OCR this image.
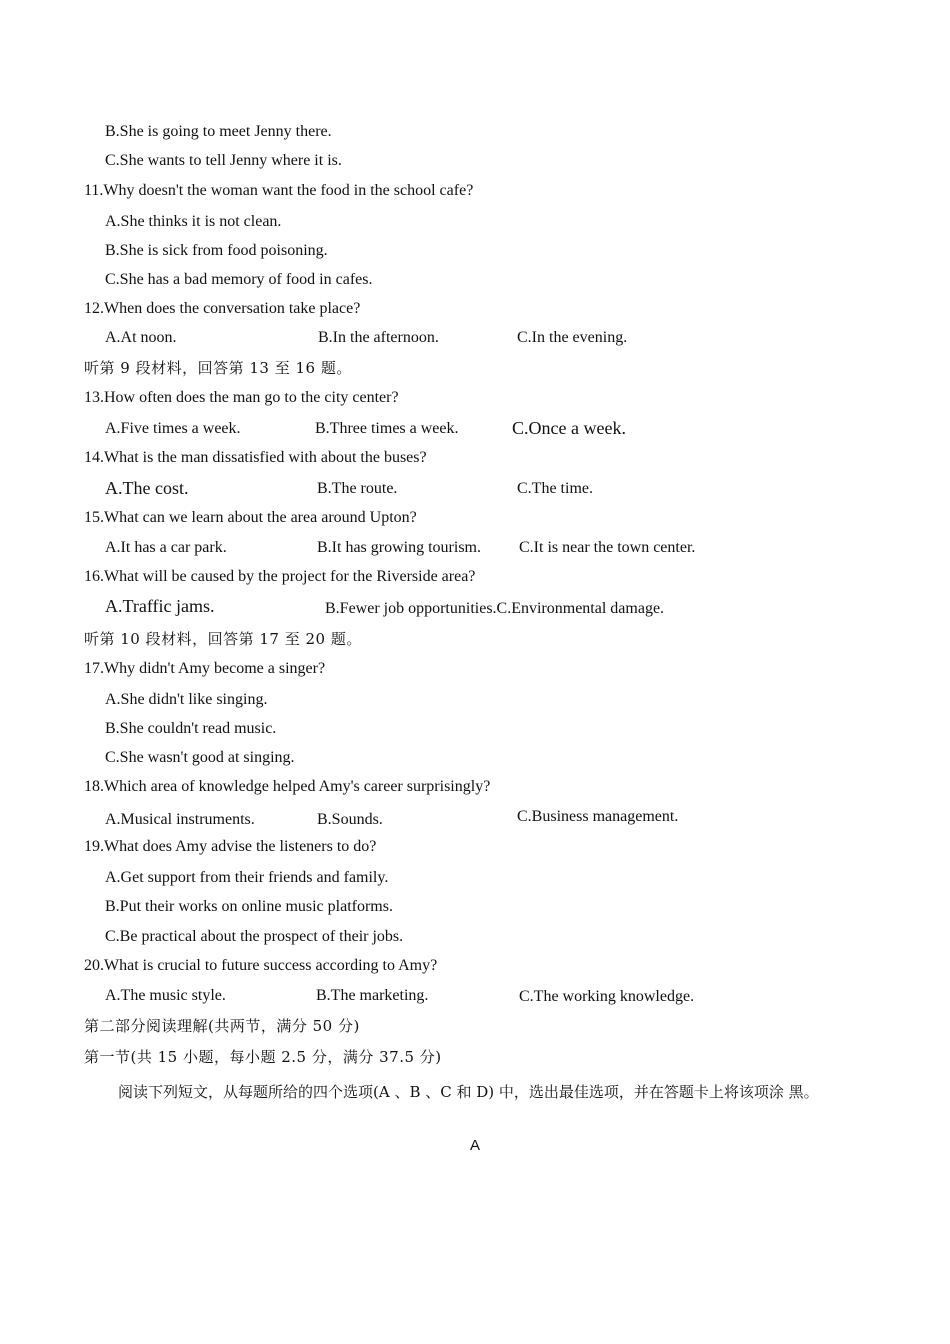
B.She is going to meet Jenny there.
C.She wants to tell Jenny where it is.
11.Why doesn't the woman want the food in the school cafe?
A.She thinks it is not clean.
B.She is sick from food poisoning.
C.She has a bad memory of food in cafes.
12.When does the conversation take place?
A.At noon.	B.In the afternoon.	C.In the evening.
听第 9 段材料，回答第 13 至 16 题。
13.How often does the man go to the city center?
A.Five times a week.	B.Three times a week.	C.Once a week.
14.What is the man dissatisfied with about the buses?
A.The cost.	B.The route.	C.The time.
15.What can we learn about the area around Upton?
A.It has a car park.	B.It has growing tourism. C.It is near the town center.
16.What will be caused by the project for the Riverside area?
A.Traffic jams.	B.Fewer job opportunities.C.Environmental damage.
听第 10 段材料，回答第 17 至 20 题。
17.Why didn't Amy become a singer?
A.She didn't like singing.
B.She couldn't read music.
C.She wasn't good at singing.
18.Which area of knowledge helped Amy's career surprisingly?
A.Musical instruments.	B.Sounds.	C.Business management.
19.What does Amy advise the listeners to do?
A.Get support from their friends and family.
B.Put their works on online music platforms.
C.Be practical about the prospect of their jobs.
20.What is crucial to future success according to Amy?
A.The music style.	B.The marketing.	C.The working knowledge.
第二部分阅读理解(共两节，满分 50 分)
第一节(共 15 小题，每小题 2.5 分，满分 37.5 分)
阅读下列短文，从每题所给的四个选项(A 、B 、C 和 D) 中，选出最佳选项，并在答题卡上将该项涂 黑。
A
